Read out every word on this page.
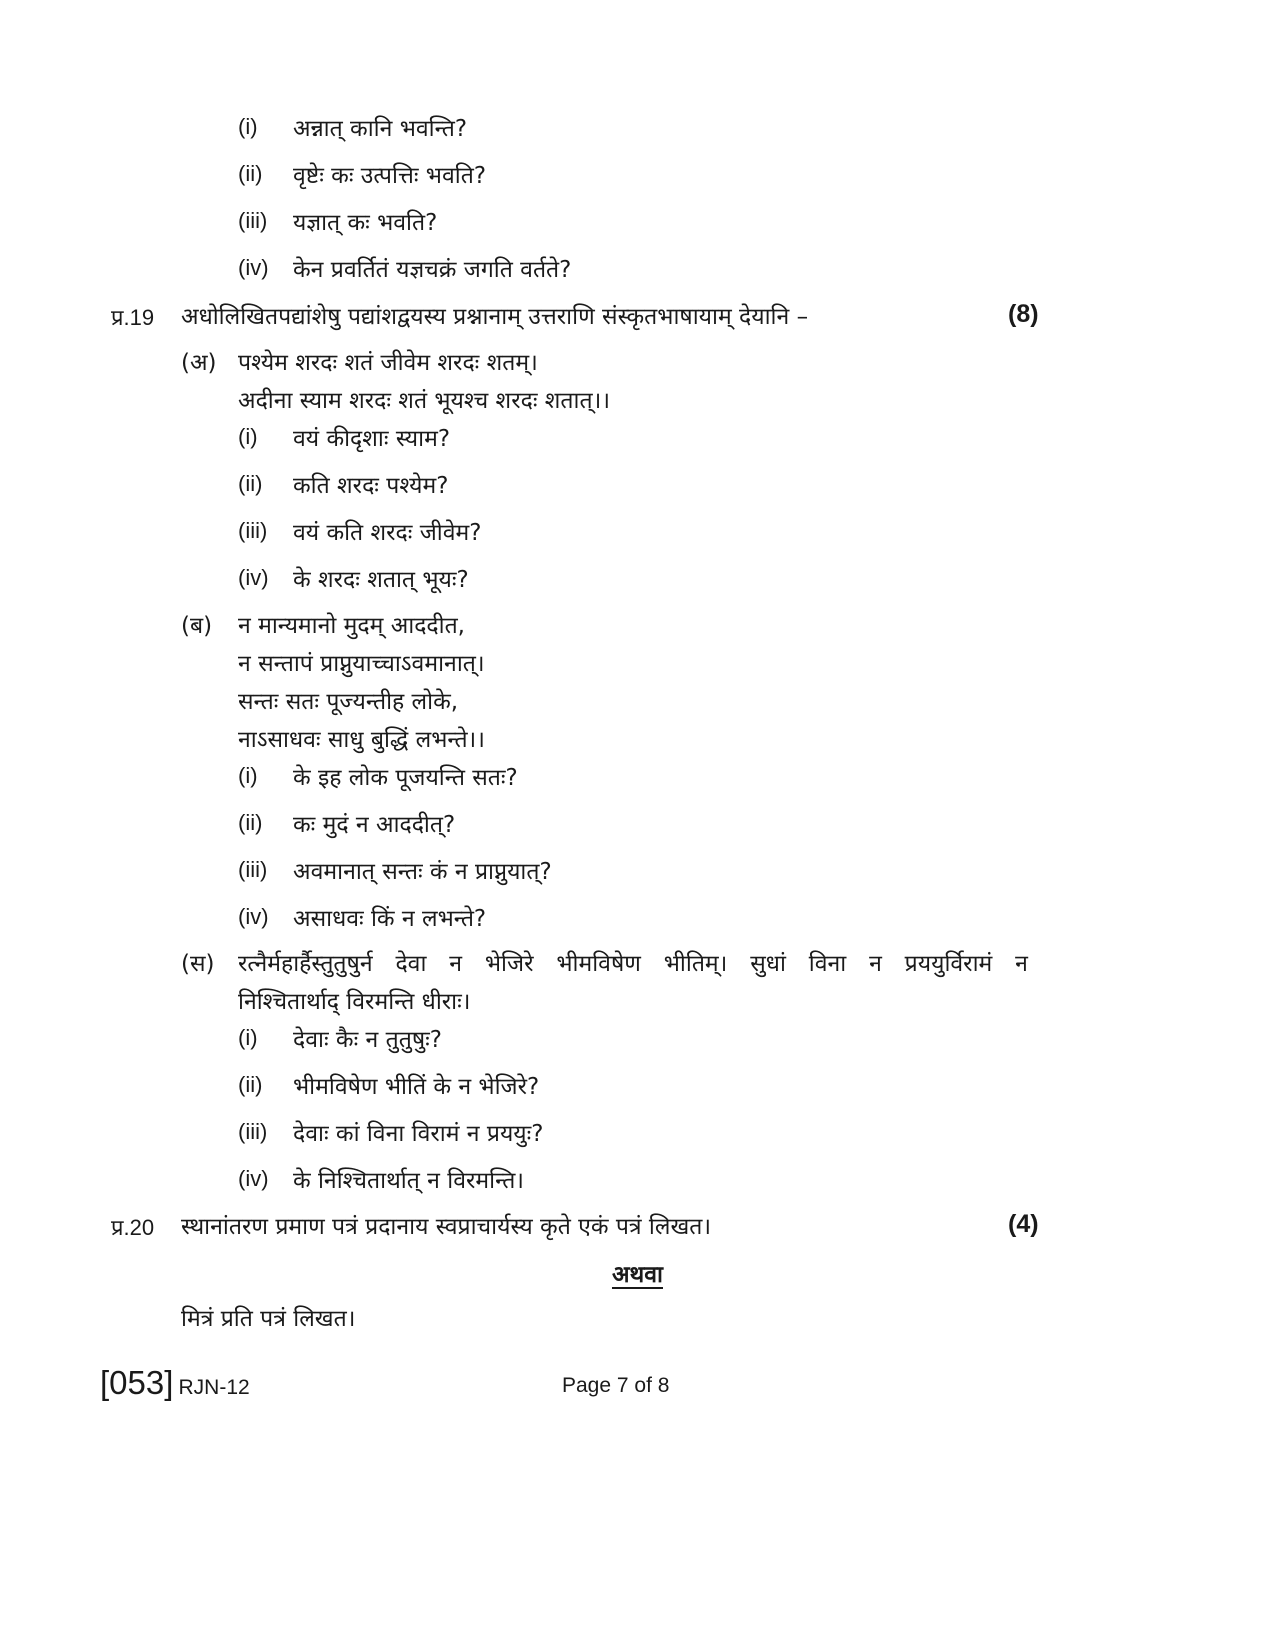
(i) अन्नात् कानि भवन्ति?
(ii) वृष्टेः कः उत्पत्तिः भवति?
(iii) यज्ञात् कः भवति?
(iv) केन प्रवर्तितं यज्ञचक्रं जगति वर्तते?
प्र.19 अधोलिखितपद्यांशेषु पद्यांशद्वयस्य प्रश्नानाम् उत्तराणि संस्कृतभाषायाम् देयानि –	(8)
(अ) पश्येम शरदः शतं जीवेम शरदः शतम्।
अदीना स्याम शरदः शतं भूयश्च शरदः शतात्।।
(i) वयं कीदृशाः स्याम?
(ii) कति शरदः पश्येम?
(iii) वयं कति शरदः जीवेम?
(iv) के शरदः शतात् भूयः?
(ब) न मान्यमानो मुदम् आददीत,
न सन्तापं प्राप्नुयाच्चाऽवमानात्।
सन्तः सतः पूज्यन्तीह लोके,
नाऽसाधवः साधु बुद्धिं लभन्ते।।
(i) के इह लोक पूजयन्ति सतः?
(ii) कः मुदं न आददीत्?
(iii) अवमानात् सन्तः कं न प्राप्नुयात्?
(iv) असाधवः किं न लभन्ते?
(स) रत्नैर्महार्हैस्तुतुषुर्न देवा न भेजिरे भीमविषेण भीतिम्। सुधां विना न प्रययुर्विरामं न
निश्चितार्थाद् विरमन्ति धीराः।
(i) देवाः कैः न तुतुषुः?
(ii) भीमविषेण भीतिं के न भेजिरे?
(iii) देवाः कां विना विरामं न प्रययुः?
(iv) के निश्चितार्थात् न विरमन्ति।
प्र.20 स्थानांतरण प्रमाण पत्रं प्रदानाय स्वप्राचार्यस्य कृते एकं पत्रं लिखत।	(4)
अथवा
मित्रं प्रति पत्रं लिखत।
[053] RJN-12	Page 7 of 8
